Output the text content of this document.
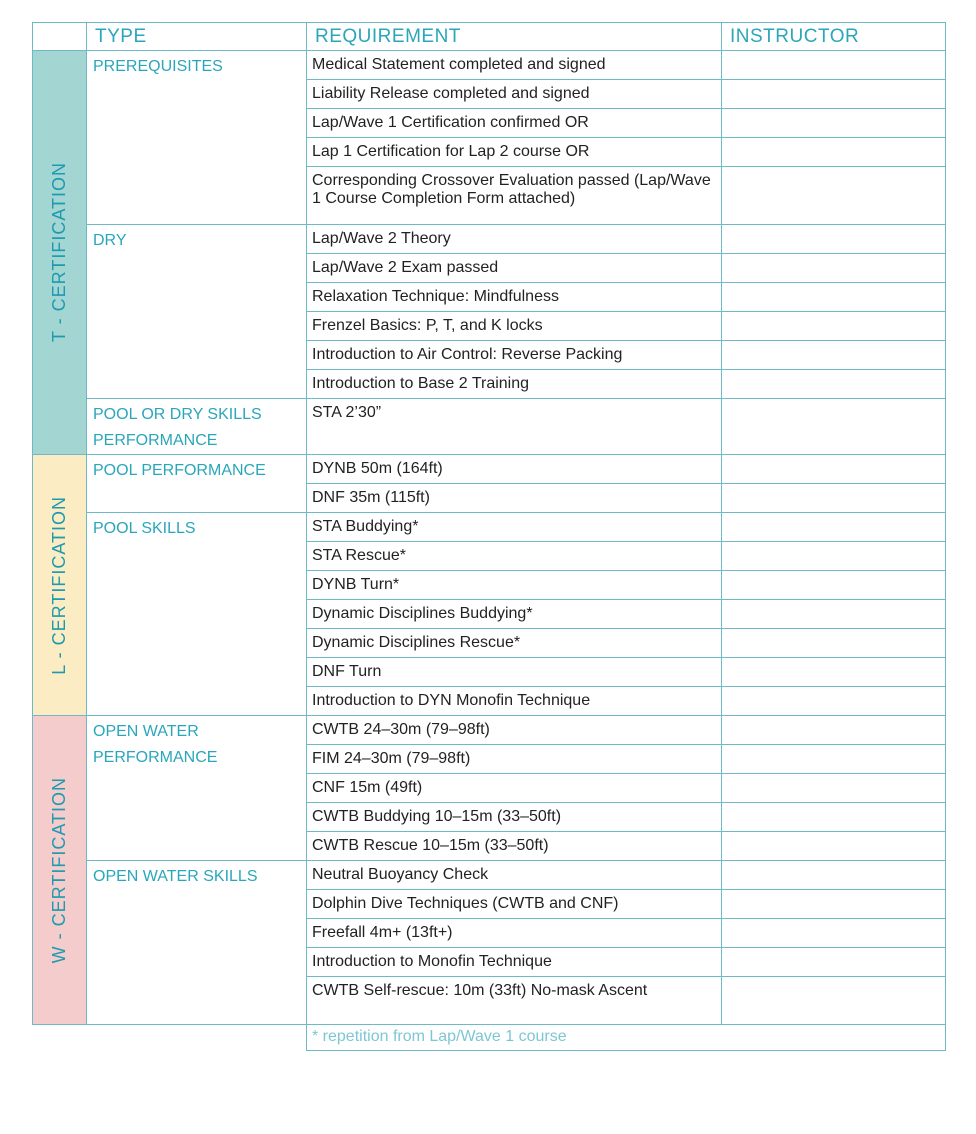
	TYPE	REQUIREMENT	INSTRUCTOR

T - CERTIFICATION	PREREQUISITES	Medical Statement completed and signed	
		Liability Release completed and signed	
		Lap/Wave 1 Certification confirmed OR	
		Lap 1 Certification for Lap 2 course OR	
		Corresponding Crossover Evaluation passed (Lap/Wave 1 Course Completion Form attached)	
	DRY	Lap/Wave 2 Theory	
		Lap/Wave 2 Exam passed	
		Relaxation Technique: Mindfulness	
		Frenzel Basics: P, T, and K locks	
		Introduction to Air Control: Reverse Packing	
		Introduction to Base 2 Training	
	POOL OR DRY SKILLS PERFORMANCE	STA 2’30”	

L - CERTIFICATION	POOL PERFORMANCE	DYNB 50m (164ft)	
		DNF 35m (115ft)	
	POOL SKILLS	STA Buddying*	
		STA Rescue*	
		DYNB Turn*	
		Dynamic Disciplines Buddying*	
		Dynamic Disciplines Rescue*	
		DNF Turn	
		Introduction to DYN Monofin Technique	

W - CERTIFICATION	OPEN WATER PERFORMANCE	CWTB 24–30m (79–98ft)	
		FIM 24–30m (79–98ft)	
		CNF 15m (49ft)	
		CWTB Buddying 10–15m (33–50ft)	
		CWTB Rescue 10–15m (33–50ft)	
	OPEN WATER SKILLS	Neutral Buoyancy Check	
		Dolphin Dive Techniques (CWTB and CNF)	
		Freefall 4m+ (13ft+)	
		Introduction to Monofin Technique	
		CWTB Self-rescue: 10m (33ft) No-mask Ascent	
		* repetition from Lap/Wave 1 course	
